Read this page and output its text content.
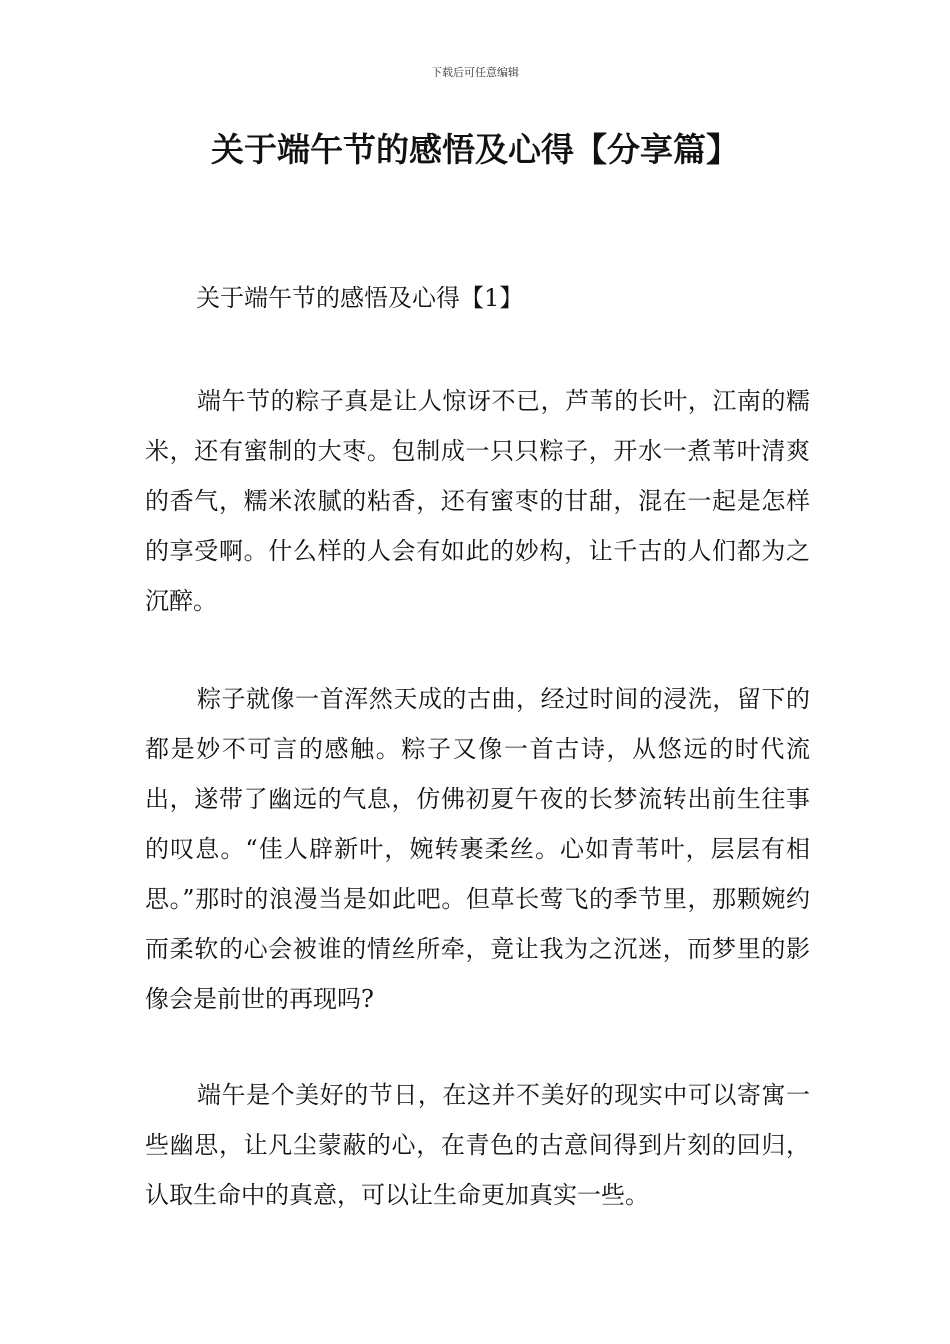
下载后可任意编辑
关于端午节的感悟及心得【分享篇】
关于端午节的感悟及心得【1】

端午节的粽子真是让人惊讶不已，芦苇的长叶，江南的糯米，还有蜜制的大枣。包制成一只只粽子，开水一煮苇叶清爽的香气，糯米浓腻的粘香，还有蜜枣的甘甜，混在一起是怎样的享受啊。什么样的人会有如此的妙构，让千古的人们都为之沉醉。

粽子就像一首浑然天成的古曲，经过时间的浸洗，留下的都是妙不可言的感触。粽子又像一首古诗，从悠远的时代流出，遂带了幽远的气息，仿佛初夏午夜的长梦流转出前生往事的叹息。“佳人辟新叶，婉转裹柔丝。心如青苇叶，层层有相思。”那时的浪漫当是如此吧。但草长莺飞的季节里，那颗婉约而柔软的心会被谁的情丝所牵，竟让我为之沉迷，而梦里的影像会是前世的再现吗?

端午是个美好的节日，在这并不美好的现实中可以寄寓一些幽思，让凡尘蒙蔽的心，在青色的古意间得到片刻的回归，认取生命中的真意，可以让生命更加真实一些。
